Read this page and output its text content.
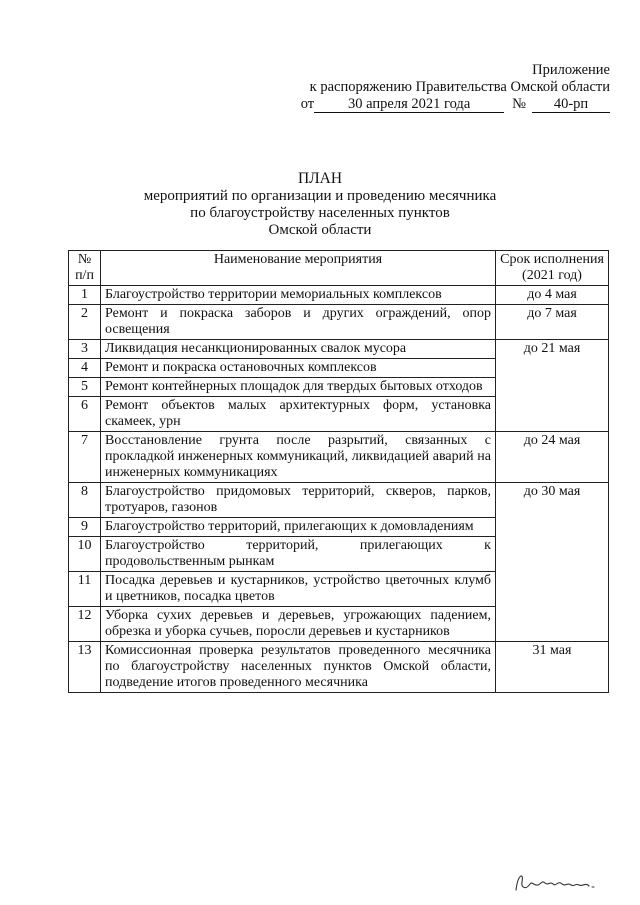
Приложение
к распоряжению Правительства Омской области
от	30 апреля 2021 года	№	40-рп
ПЛАН
мероприятий по организации и проведению месячника
по благоустройству населенных пунктов
Омской области
№ п/п	Наименование мероприятия	Срок исполнения (2021 год)
1	Благоустройство территории мемориальных комплексов	до 4 мая
2	Ремонт и покраска заборов и других ограждений, опор освещения	до 7 мая
3	Ликвидация несанкционированных свалок мусора	до 21 мая
4	Ремонт и покраска остановочных комплексов	
5	Ремонт контейнерных площадок для твердых бытовых отходов	
6	Ремонт объектов малых архитектурных форм, установка скамеек, урн	
7	Восстановление грунта после разрытий, связанных с прокладкой инженерных коммуникаций, ликвидацией аварий на инженерных коммуникациях	до 24 мая
8	Благоустройство придомовых территорий, скверов, парков, тротуаров, газонов	до 30 мая
9	Благоустройство территорий, прилегающих к домовладениям	
10	Благоустройство территорий, прилегающих к продовольственным рынкам	
11	Посадка деревьев и кустарников, устройство цветочных клумб и цветников, посадка цветов	
12	Уборка сухих деревьев и деревьев, угрожающих падением, обрезка и уборка сучьев, поросли деревьев и кустарников	
13	Комиссионная проверка результатов проведенного месячника по благоустройству населенных пунктов Омской области, подведение итогов проведенного месячника	31 мая
